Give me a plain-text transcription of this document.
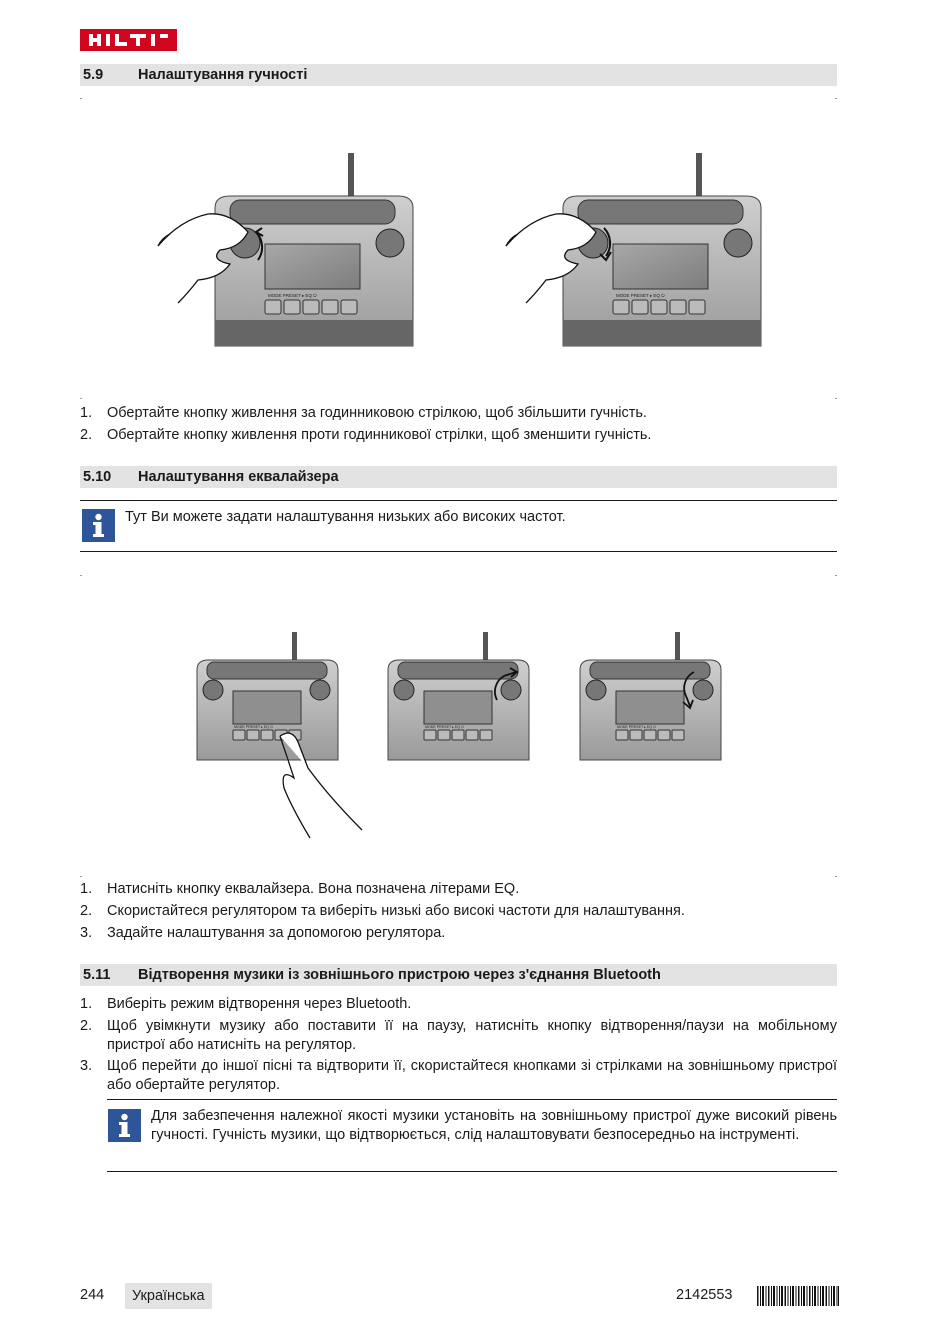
5.9 Налаштування гучності
MODE PRESET ▸ EQ ⏻	MODE PRESET ▸ EQ ⏻
1. Обертайте кнопку живлення за годинниковою стрілкою, щоб збільшити гучність.
2. Обертайте кнопку живлення проти годинникової стрілки, щоб зменшити гучність.
5.10 Налаштування еквалайзера
Тут Ви можете задати налаштування низьких або високих частот.
MODE PRESET ▸ EQ ⏻	MODE PRESET ▸ EQ ⏻	MODE PRESET ▸ EQ ⏻
1. Натисніть кнопку еквалайзера. Вона позначена літерами EQ.
2. Скористайтеся регулятором та виберіть низькі або високі частоти для налаштування.
3. Задайте налаштування за допомогою регулятора.
5.11 Відтворення музики із зовнішнього пристрою через з'єднання Bluetooth
1. Виберіть режим відтворення через Bluetooth.
2. Щоб увімкнути музику або поставити її на паузу, натисніть кнопку відтворення/паузи на мобільному пристрої або натисніть на регулятор.
3. Щоб перейти до іншої пісні та відтворити її, скористайтеся кнопками зі стрілками на зовнішньому пристрої або обертайте регулятор.
Для забезпечення належної якості музики установіть на зовнішньому пристрої дуже високий рівень гучності. Гучність музики, що відтворюється, слід налаштовувати безпосередньо на інструменті.
244	Українська	2142553
